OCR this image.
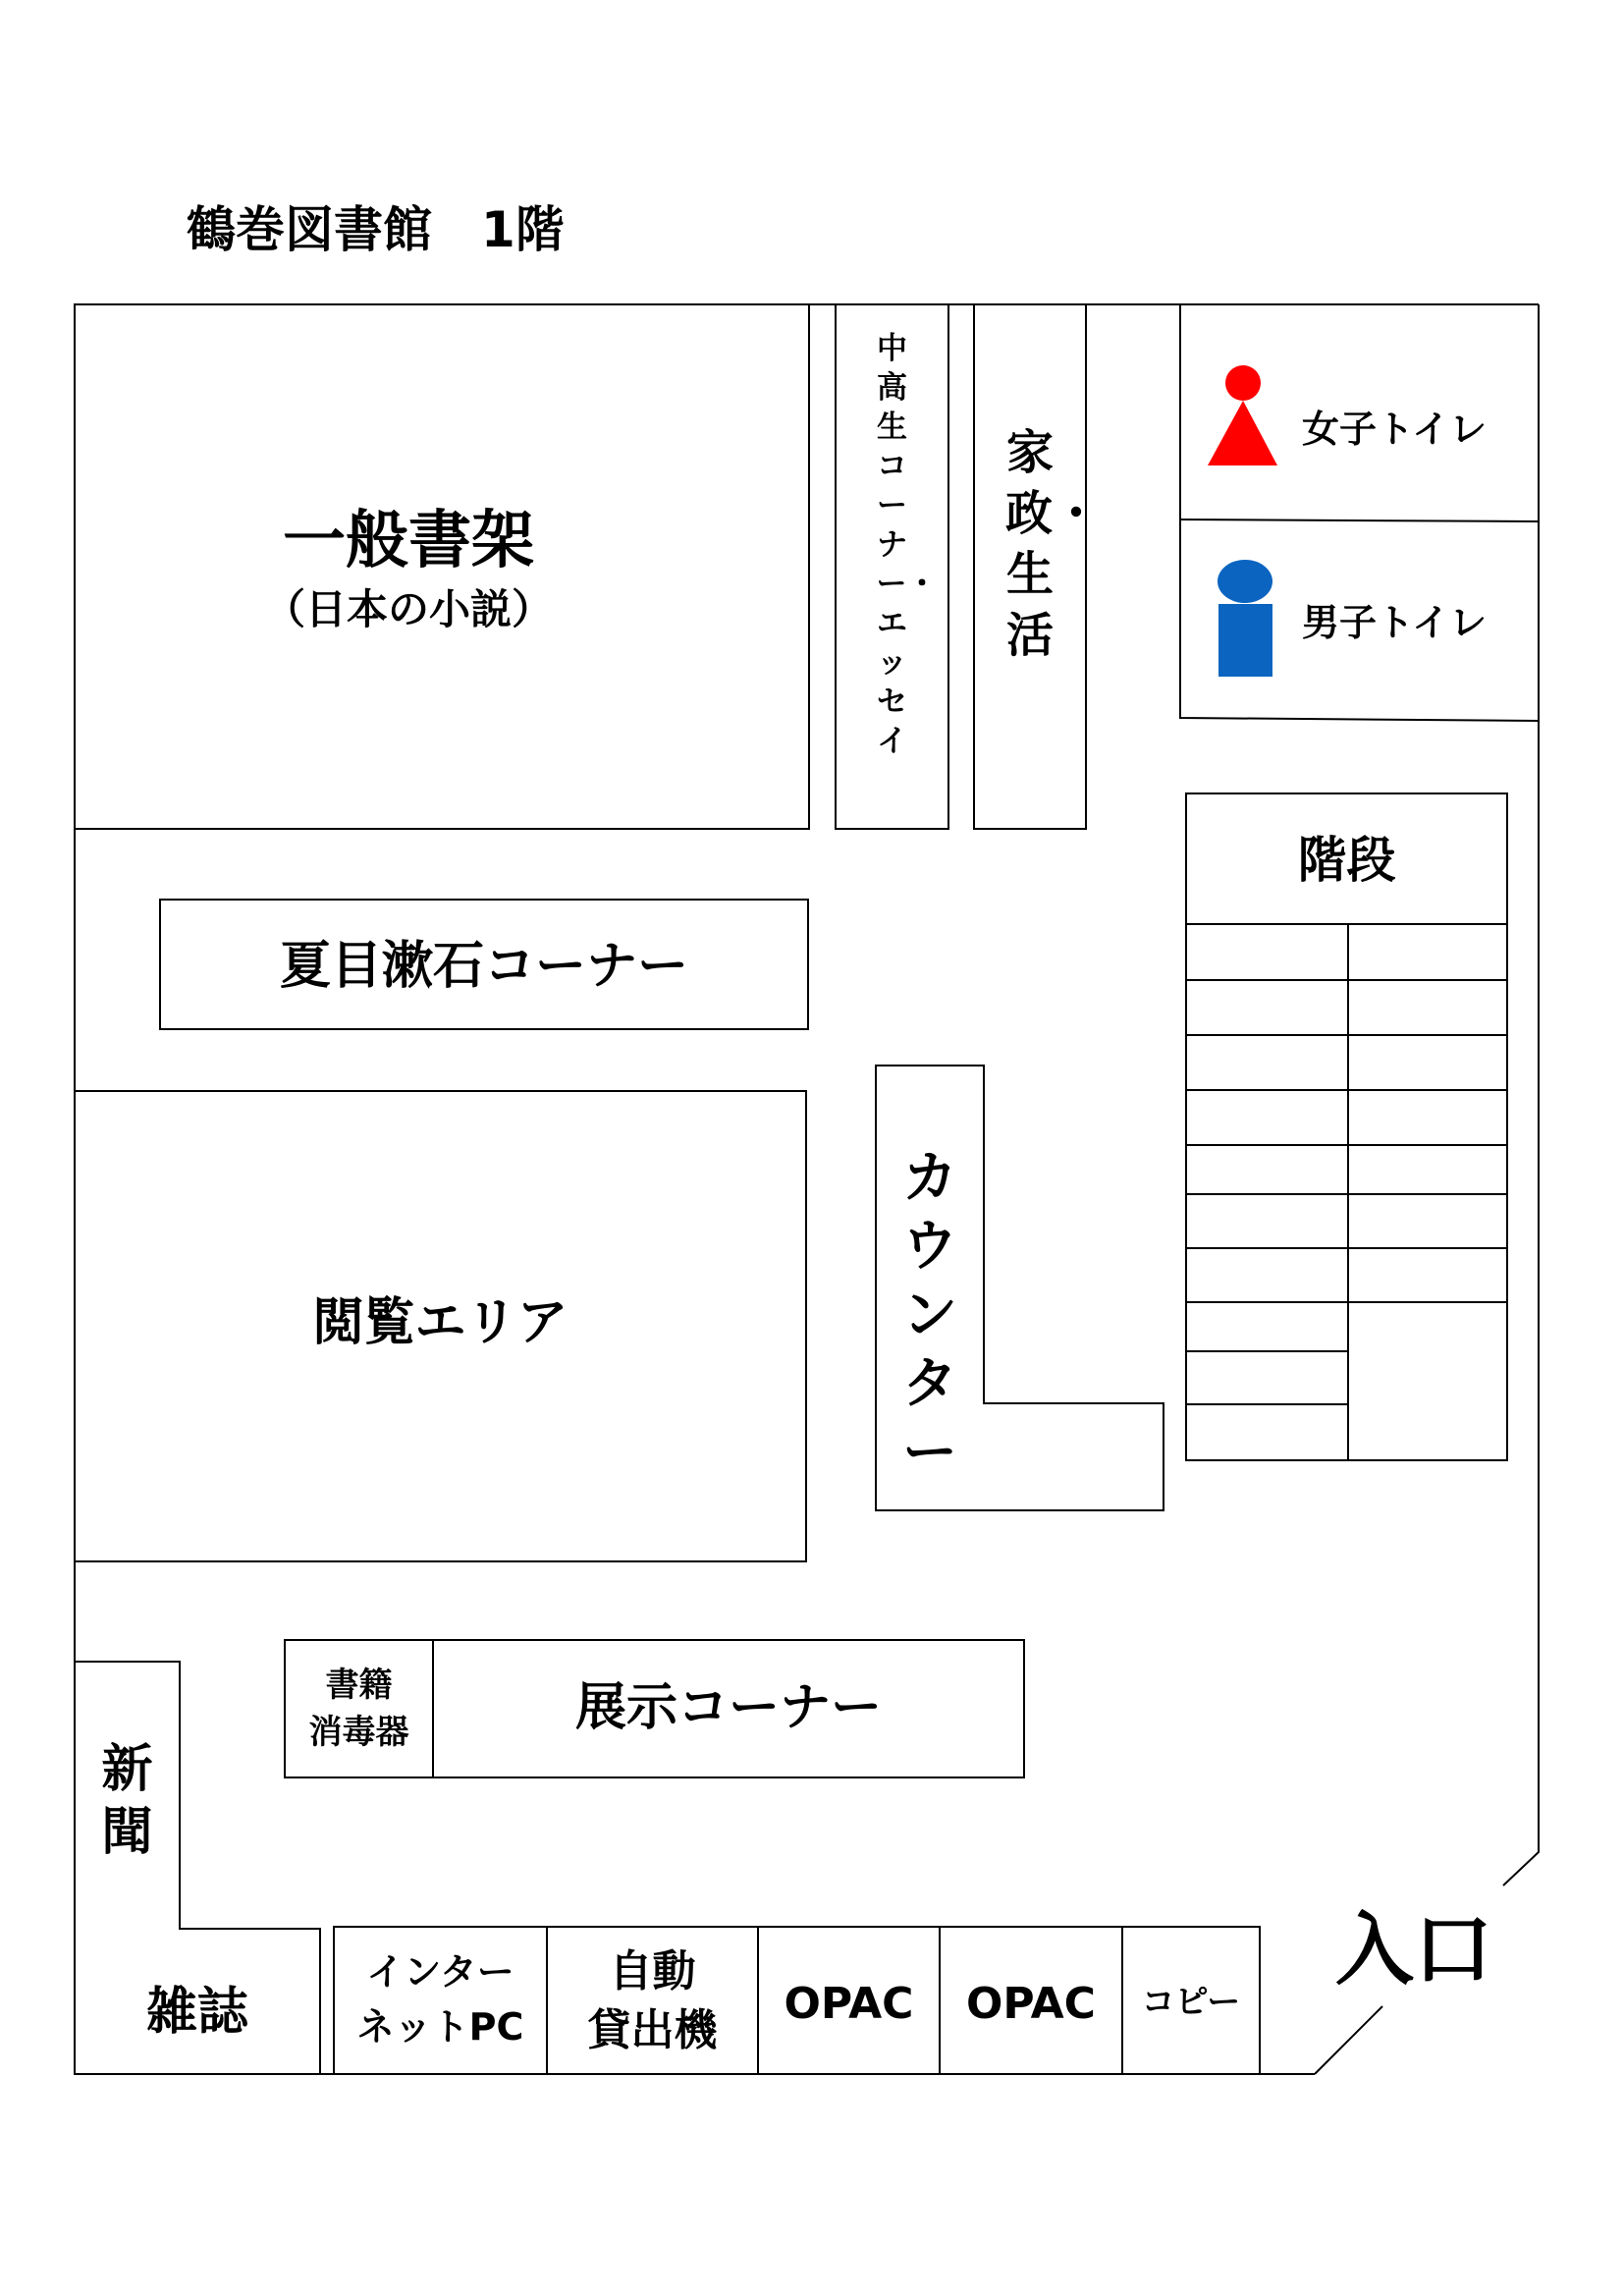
鶴巻図書館　1階
一般書架
（日本の小説）
中高生コーナー・エッセイ
家政・生活
女子トイレ
男子トイレ
階段
夏目漱石コーナー
カウンター
閲覧エリア
書籍
消毒器	展示コーナー
新聞
雑誌
インター
ネットPC
自動
貸出機
OPAC	OPAC	コピー
入口
